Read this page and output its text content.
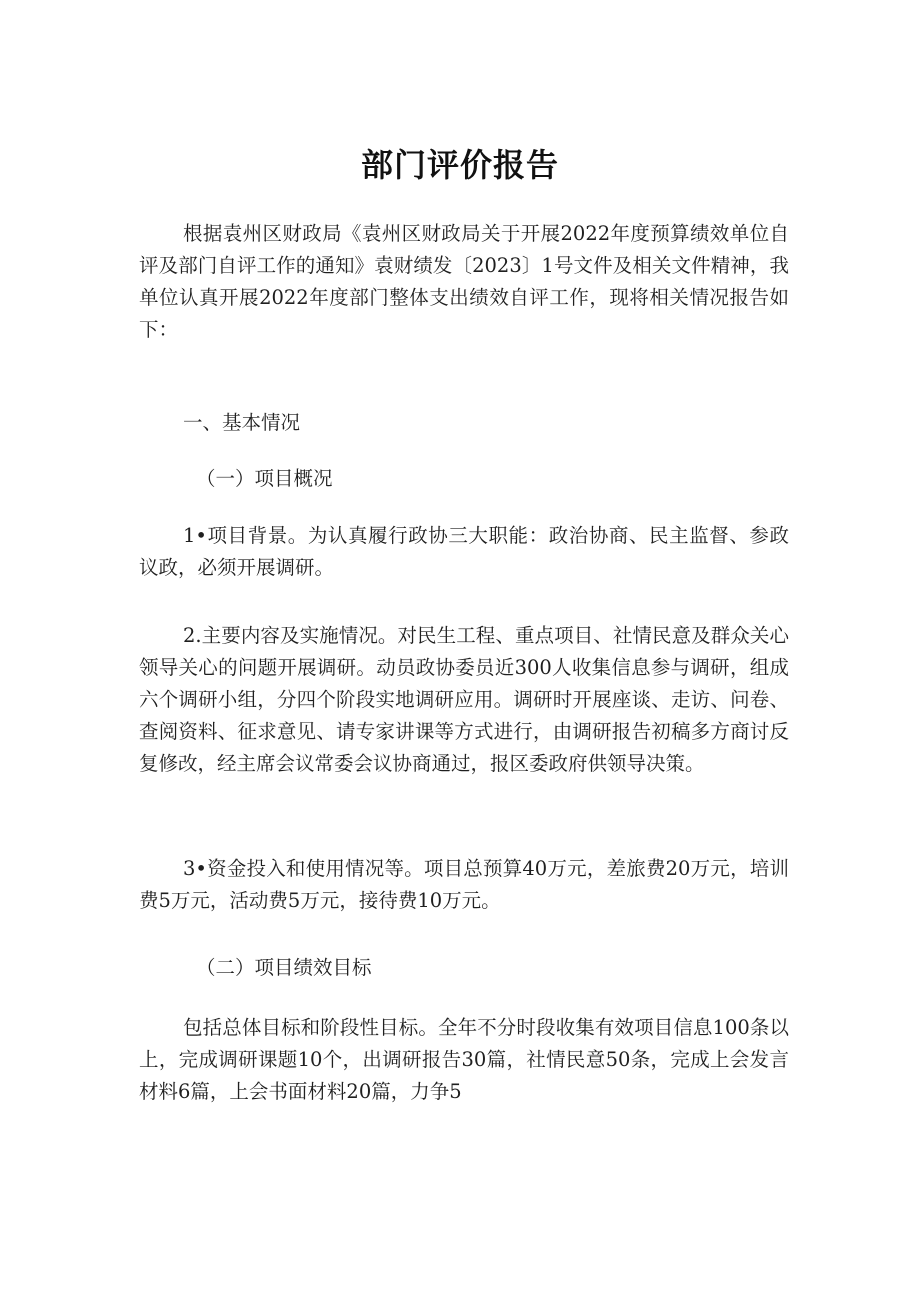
部门评价报告

根据袁州区财政局《袁州区财政局关于开展2022年度预算绩效单位自评及部门自评工作的通知》袁财绩发〔2023〕1号文件及相关文件精神，我单位认真开展2022年度部门整体支出绩效自评工作，现将相关情况报告如下：

一、基本情况
（一）项目概况

1•项目背景。为认真履行政协三大职能：政治协商、民主监督、参政议政，必须开展调研。

2.主要内容及实施情况。对民生工程、重点项目、社情民意及群众关心领导关心的问题开展调研。动员政协委员近300人收集信息参与调研，组成六个调研小组，分四个阶段实地调研应用。调研时开展座谈、走访、问卷、查阅资料、征求意见、请专家讲课等方式进行，由调研报告初稿多方商讨反复修改，经主席会议常委会议协商通过，报区委政府供领导决策。

3•资金投入和使用情况等。项目总预算40万元，差旅费20万元，培训费5万元，活动费5万元，接待费10万元。

（二）项目绩效目标

包括总体目标和阶段性目标。全年不分时段收集有效项目信息100条以上，完成调研课题10个，出调研报告30篇，社情民意50条，完成上会发言材料6篇，上会书面材料20篇，力争5
